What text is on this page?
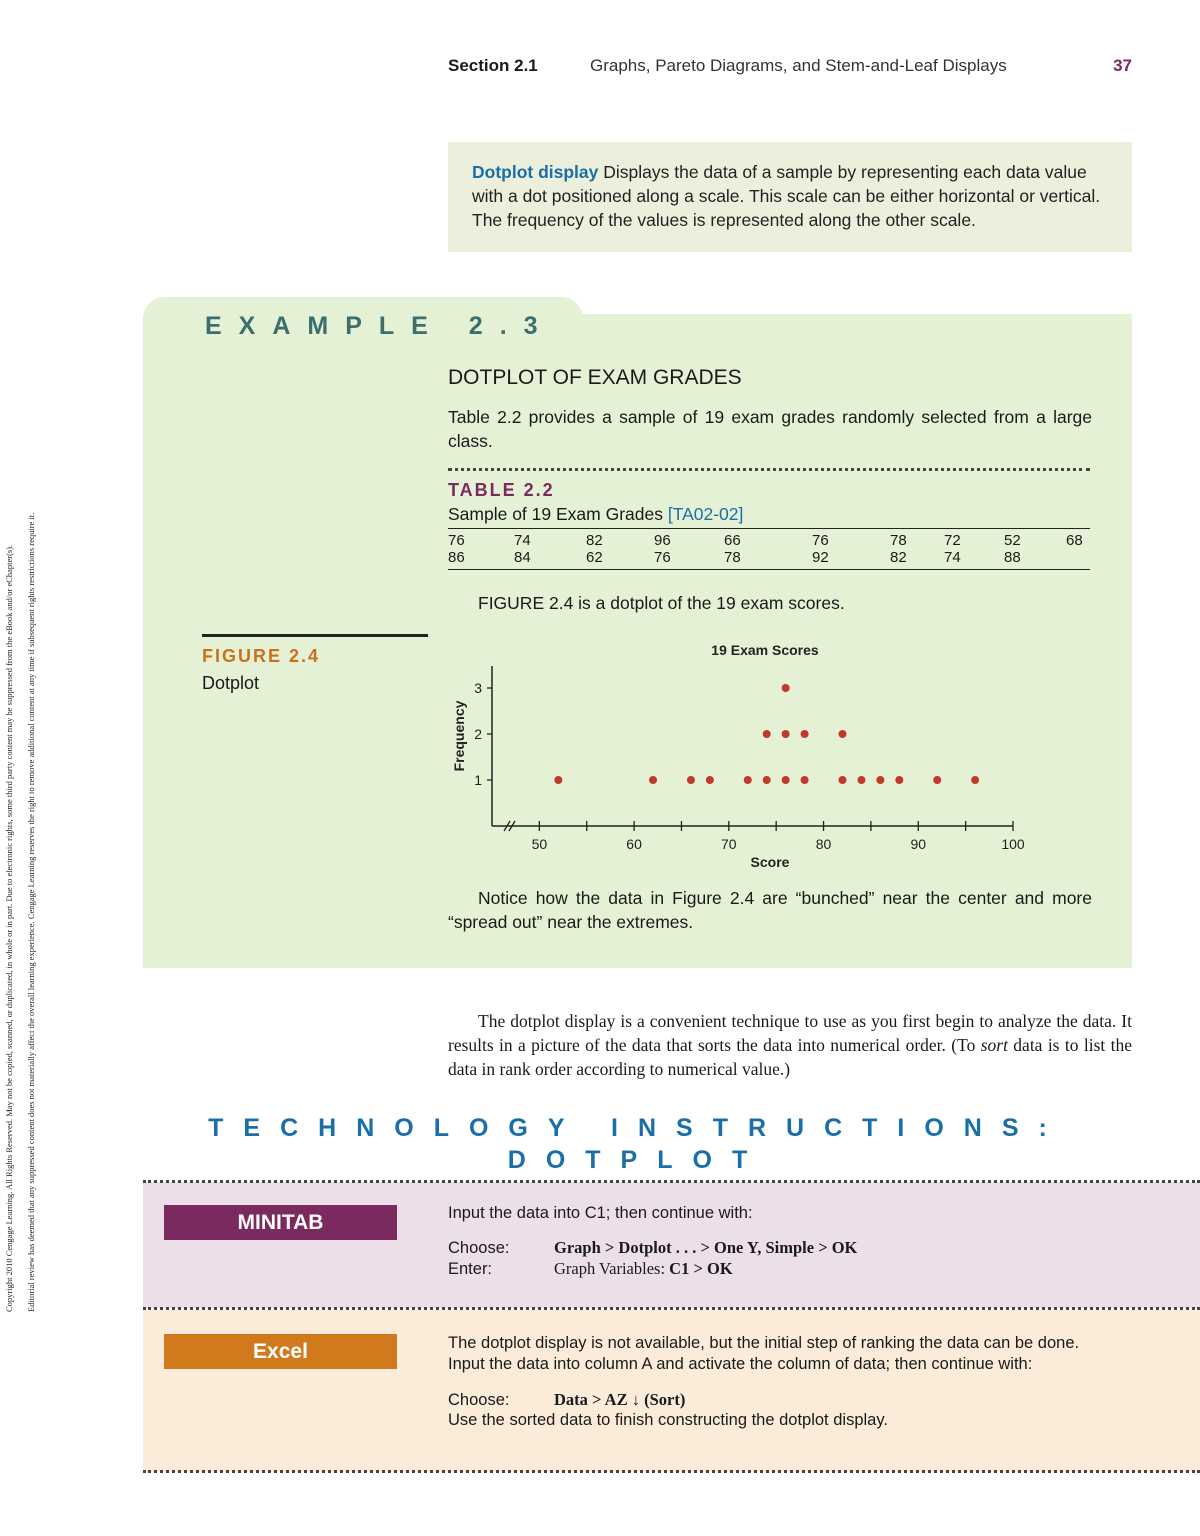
Copyright 2010 Cengage Learning. All Rights Reserved. May not be copied, scanned, or duplicated, in whole or in part. Due to electronic rights, some third party content may be suppressed from the eBook and/or eChapter(s). Editorial review has deemed that any suppressed content does not materially affect the overall learning experience. Cengage Learning reserves the right to remove additional content at any time if subsequent rights restrictions require it.
Section 2.1	Graphs, Pareto Diagrams, and Stem-and-Leaf Displays	37
Dotplot display Displays the data of a sample by representing each data value with a dot positioned along a scale. This scale can be either horizontal or vertical. The frequency of the values is represented along the other scale.
EXAMPLE 2.3
DOTPLOT OF EXAM GRADES
Table 2.2 provides a sample of 19 exam grades randomly selected from a large class.
TABLE 2.2
Sample of 19 Exam Grades [TA02-02]
76	74	82	96	66	76	78	72	52	68
86	84	62	76	78	92	82	74	88
FIGURE 2.4 is a dotplot of the 19 exam scores.
FIGURE 2.4
Dotplot
19 Exam Scores
Frequency
Score
1
2
3
50	60	70	80	90	100
Notice how the data in Figure 2.4 are “bunched” near the center and more “spread out” near the extremes.
The dotplot display is a convenient technique to use as you first begin to analyze the data. It results in a picture of the data that sorts the data into numerical order. (To sort data is to list the data in rank order according to numerical value.)
TECHNOLOGY INSTRUCTIONS:
DOTPLOT
MINITAB	Input the data into C1; then continue with:
Choose:	Graph > Dotplot . . . > One Y, Simple > OK
Enter:	Graph Variables: C1 > OK
Excel	The dotplot display is not available, but the initial step of ranking the data can be done.
Input the data into column A and activate the column of data; then continue with:
Choose:	Data > AZ ↓ (Sort)
Use the sorted data to finish constructing the dotplot display.
